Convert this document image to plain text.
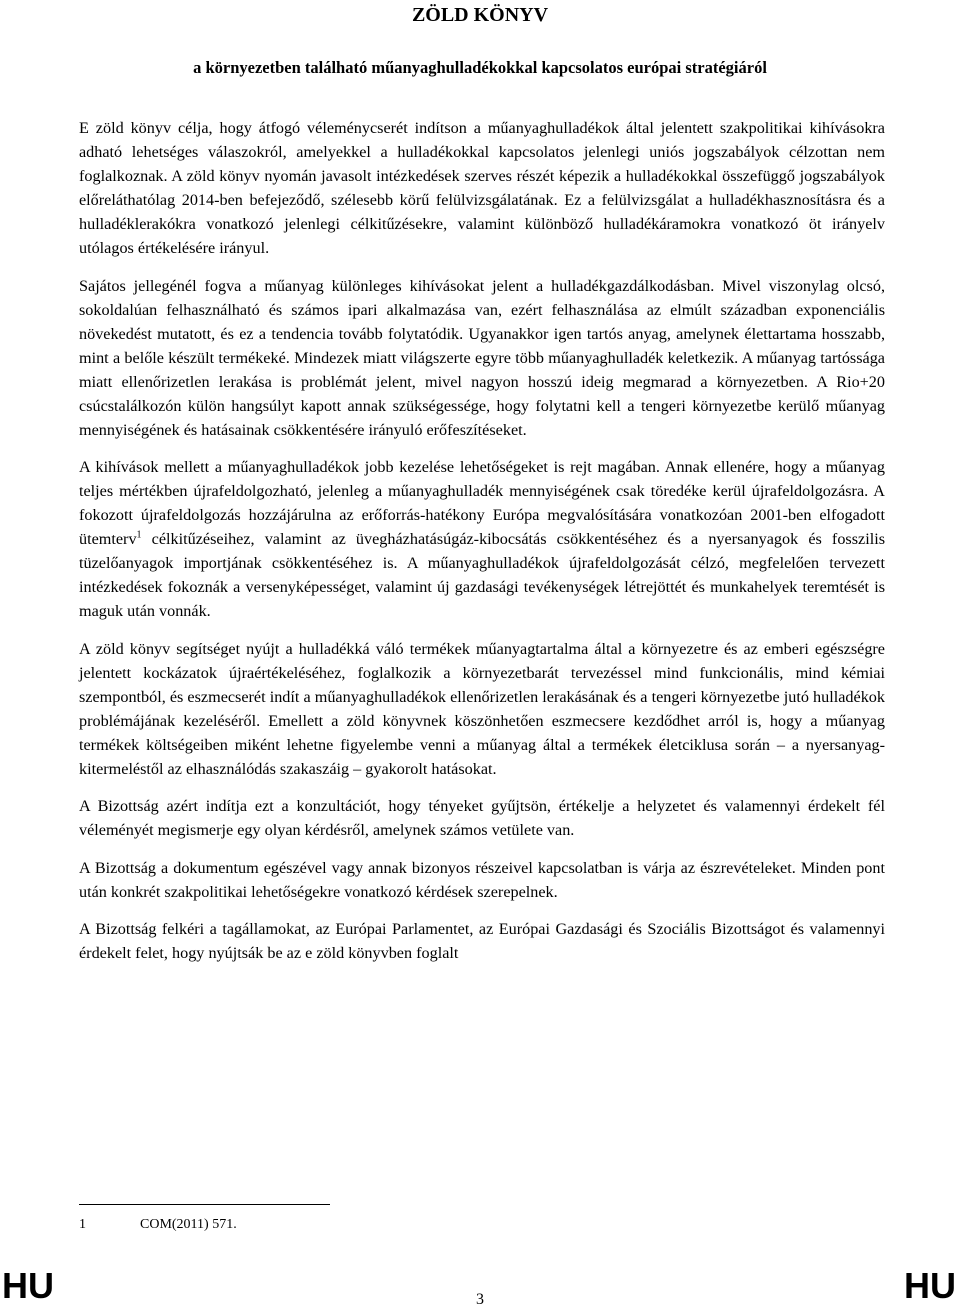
ZÖLD KÖNYV
a környezetben található műanyaghulladékokkal kapcsolatos európai stratégiáról

E zöld könyv célja, hogy átfogó véleménycserét indítson a műanyaghulladékok által jelentett szakpolitikai kihívásokra adható lehetséges válaszokról, amelyekkel a hulladékokkal kapcsolatos jelenlegi uniós jogszabályok célzottan nem foglalkoznak. A zöld könyv nyomán javasolt intézkedések szerves részét képezik a hulladékokkal összefüggő jogszabályok előreláthatólag 2014-ben befejeződő, szélesebb körű felülvizsgálatának. Ez a felülvizsgálat a hulladékhasznosításra és a hulladéklerakókra vonatkozó jelenlegi célkitűzésekre, valamint különböző hulladékáramokra vonatkozó öt irányelv utólagos értékelésére irányul.

Sajátos jellegénél fogva a műanyag különleges kihívásokat jelent a hulladékgazdálkodásban. Mivel viszonylag olcsó, sokoldalúan felhasználható és számos ipari alkalmazása van, ezért felhasználása az elmúlt században exponenciális növekedést mutatott, és ez a tendencia tovább folytatódik. Ugyanakkor igen tartós anyag, amelynek élettartama hosszabb, mint a belőle készült termékeké. Mindezek miatt világszerte egyre több műanyaghulladék keletkezik. A műanyag tartóssága miatt ellenőrizetlen lerakása is problémát jelent, mivel nagyon hosszú ideig megmarad a környezetben. A Rio+20 csúcstalálkozón külön hangsúlyt kapott annak szükségessége, hogy folytatni kell a tengeri környezetbe kerülő műanyag mennyiségének és hatásainak csökkentésére irányuló erőfeszítéseket.

A kihívások mellett a műanyaghulladékok jobb kezelése lehetőségeket is rejt magában. Annak ellenére, hogy a műanyag teljes mértékben újrafeldolgozható, jelenleg a műanyaghulladék mennyiségének csak töredéke kerül újrafeldolgozásra. A fokozott újrafeldolgozás hozzájárulna az erőforrás-hatékony Európa megvalósítására vonatkozóan 2001-ben elfogadott ütemterv$^1$ célkitűzéseihez, valamint az üvegházhatásúgáz-kibocsátás csökkentéséhez és a nyersanyagok és fosszilis tüzelőanyagok importjának csökkentéséhez is. A műanyaghulladékok újrafeldolgozását célzó, megfelelően tervezett intézkedések fokoznák a versenyképességet, valamint új gazdasági tevékenységek létrejöttét és munkahelyek teremtését is maguk után vonnák.

A zöld könyv segítséget nyújt a hulladékká váló termékek műanyagtartalma által a környezetre és az emberi egészségre jelentett kockázatok újraértékeléséhez, foglalkozik a környezetbarát tervezéssel mind funkcionális, mind kémiai szempontból, és eszmecserét indít a műanyaghulladékok ellenőrizetlen lerakásának és a tengeri környezetbe jutó hulladékok problémájának kezeléséről. Emellett a zöld könyvnek köszönhetően eszmecsere kezdődhet arról is, hogy a műanyag termékek költségeiben miként lehetne figyelembe venni a műanyag által a termékek életciklusa során – a nyersanyag-kitermeléstől az elhasználódás szakaszáig – gyakorolt hatásokat.

A Bizottság azért indítja ezt a konzultációt, hogy tényeket gyűjtsön, értékelje a helyzetet és valamennyi érdekelt fél véleményét megismerje egy olyan kérdésről, amelynek számos vetülete van.

A Bizottság a dokumentum egészével vagy annak bizonyos részeivel kapcsolatban is várja az észrevételeket. Minden pont után konkrét szakpolitikai lehetőségekre vonatkozó kérdések szerepelnek.

A Bizottság felkéri a tagállamokat, az Európai Parlamentet, az Európai Gazdasági és Szociális Bizottságot és valamennyi érdekelt felet, hogy nyújtsák be az e zöld könyvben foglalt

1	COM(2011) 571.
HU	3	HU
